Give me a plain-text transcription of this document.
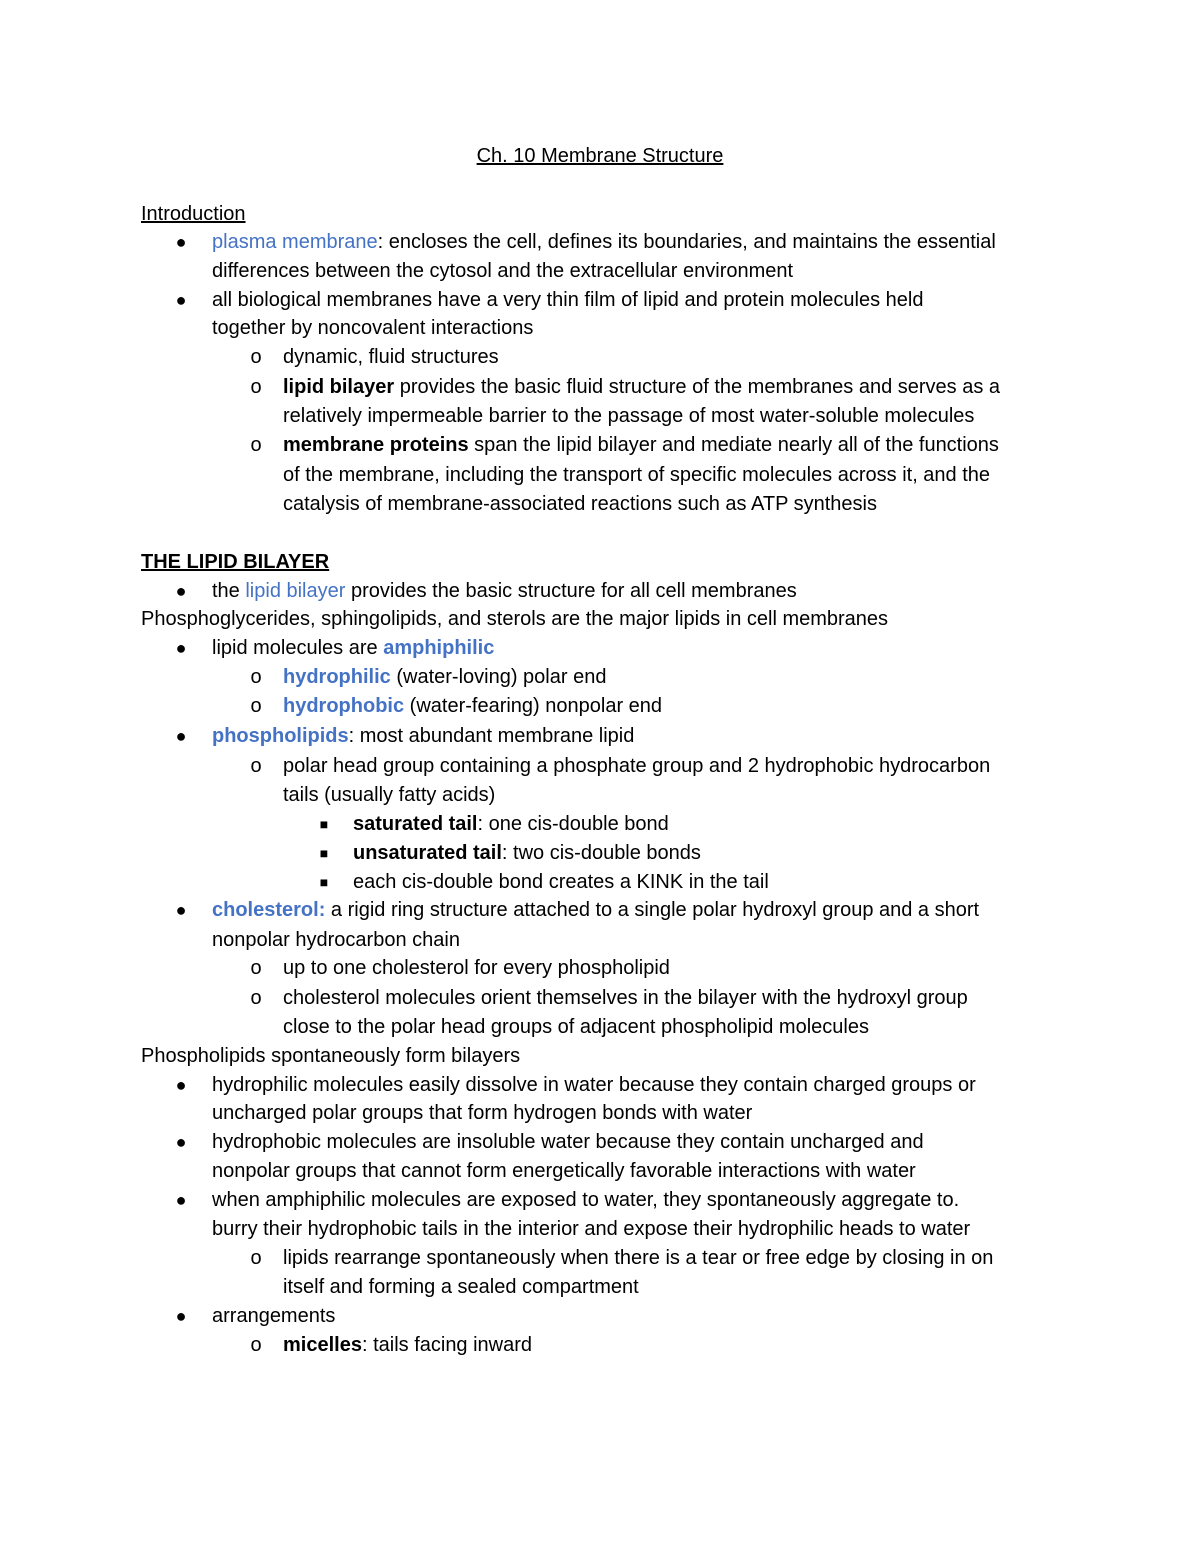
Ch. 10 Membrane Structure
Introduction
● plasma membrane: encloses the cell, defines its boundaries, and maintains the essential
differences between the cytosol and the extracellular environment
● all biological membranes have a very thin film of lipid and protein molecules held
together by noncovalent interactions
o dynamic, fluid structures
o lipid bilayer provides the basic fluid structure of the membranes and serves as a
relatively impermeable barrier to the passage of most water-soluble molecules
o membrane proteins span the lipid bilayer and mediate nearly all of the functions
of the membrane, including the transport of specific molecules across it, and the
catalysis of membrane-associated reactions such as ATP synthesis
THE LIPID BILAYER
● the lipid bilayer provides the basic structure for all cell membranes
Phosphoglycerides, sphingolipids, and sterols are the major lipids in cell membranes
● lipid molecules are amphiphilic
o hydrophilic (water-loving) polar end
o hydrophobic (water-fearing) nonpolar end
● phospholipids: most abundant membrane lipid
o polar head group containing a phosphate group and 2 hydrophobic hydrocarbon
tails (usually fatty acids)
■ saturated tail: one cis-double bond
■ unsaturated tail: two cis-double bonds
■ each cis-double bond creates a KINK in the tail
● cholesterol: a rigid ring structure attached to a single polar hydroxyl group and a short
nonpolar hydrocarbon chain
o up to one cholesterol for every phospholipid
o cholesterol molecules orient themselves in the bilayer with the hydroxyl group
close to the polar head groups of adjacent phospholipid molecules
Phospholipids spontaneously form bilayers
● hydrophilic molecules easily dissolve in water because they contain charged groups or
uncharged polar groups that form hydrogen bonds with water
● hydrophobic molecules are insoluble water because they contain uncharged and
nonpolar groups that cannot form energetically favorable interactions with water
● when amphiphilic molecules are exposed to water, they spontaneously aggregate to.
burry their hydrophobic tails in the interior and expose their hydrophilic heads to water
o lipids rearrange spontaneously when there is a tear or free edge by closing in on
itself and forming a sealed compartment
● arrangements
o micelles: tails facing inward
